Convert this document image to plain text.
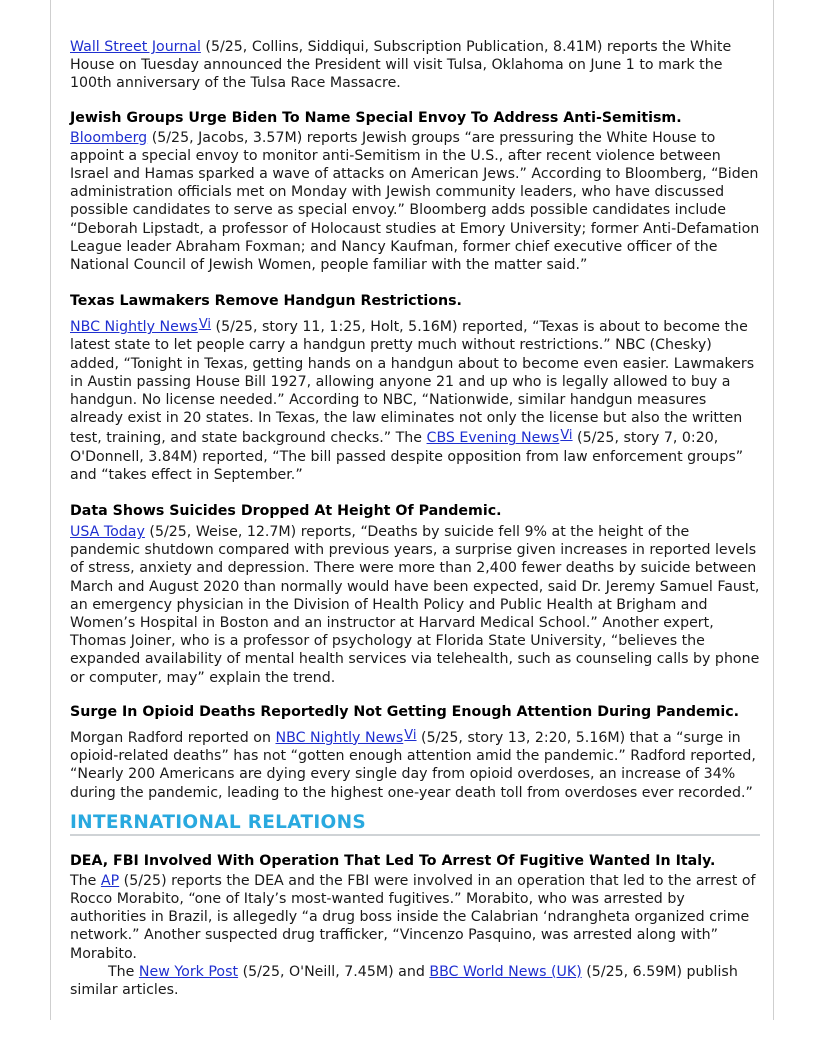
Wall Street Journal (5/25, Collins, Siddiqui, Subscription Publication, 8.41M) reports the White House on Tuesday announced the President will visit Tulsa, Oklahoma on June 1 to mark the 100th anniversary of the Tulsa Race Massacre.

Jewish Groups Urge Biden To Name Special Envoy To Address Anti-Semitism.

Bloomberg (5/25, Jacobs, 3.57M) reports Jewish groups “are pressuring the White House to appoint a special envoy to monitor anti-Semitism in the U.S., after recent violence between Israel and Hamas sparked a wave of attacks on American Jews.” According to Bloomberg, “Biden administration officials met on Monday with Jewish community leaders, who have discussed possible candidates to serve as special envoy.” Bloomberg adds possible candidates include “Deborah Lipstadt, a professor of Holocaust studies at Emory University; former Anti-Defamation League leader Abraham Foxman; and Nancy Kaufman, former chief executive officer of the National Council of Jewish Women, people familiar with the matter said.”

Texas Lawmakers Remove Handgun Restrictions.

NBC Nightly NewsVi (5/25, story 11, 1:25, Holt, 5.16M) reported, “Texas is about to become the latest state to let people carry a handgun pretty much without restrictions.” NBC (Chesky) added, “Tonight in Texas, getting hands on a handgun about to become even easier. Lawmakers in Austin passing House Bill 1927, allowing anyone 21 and up who is legally allowed to buy a handgun. No license needed.” According to NBC, “Nationwide, similar handgun measures already exist in 20 states. In Texas, the law eliminates not only the license but also the written test, training, and state background checks.” The CBS Evening NewsVi (5/25, story 7, 0:20, O'Donnell, 3.84M) reported, “The bill passed despite opposition from law enforcement groups” and “takes effect in September.”

Data Shows Suicides Dropped At Height Of Pandemic.

USA Today (5/25, Weise, 12.7M) reports, “Deaths by suicide fell 9% at the height of the pandemic shutdown compared with previous years, a surprise given increases in reported levels of stress, anxiety and depression. There were more than 2,400 fewer deaths by suicide between March and August 2020 than normally would have been expected, said Dr. Jeremy Samuel Faust, an emergency physician in the Division of Health Policy and Public Health at Brigham and Women’s Hospital in Boston and an instructor at Harvard Medical School.” Another expert, Thomas Joiner, who is a professor of psychology at Florida State University, “believes the expanded availability of mental health services via telehealth, such as counseling calls by phone or computer, may” explain the trend.

Surge In Opioid Deaths Reportedly Not Getting Enough Attention During Pandemic.

Morgan Radford reported on NBC Nightly NewsVi (5/25, story 13, 2:20, 5.16M) that a “surge in opioid-related deaths” has not “gotten enough attention amid the pandemic.” Radford reported, “Nearly 200 Americans are dying every single day from opioid overdoses, an increase of 34% during the pandemic, leading to the highest one-year death toll from overdoses ever recorded.”

INTERNATIONAL RELATIONS
DEA, FBI Involved With Operation That Led To Arrest Of Fugitive Wanted In Italy.

The AP (5/25) reports the DEA and the FBI were involved in an operation that led to the arrest of Rocco Morabito, “one of Italy’s most-wanted fugitives.” Morabito, who was arrested by authorities in Brazil, is allegedly “a drug boss inside the Calabrian ‘ndrangheta organized crime network.” Another suspected drug trafficker, “Vincenzo Pasquino, was arrested along with” Morabito.

The New York Post (5/25, O'Neill, 7.45M) and BBC World News (UK) (5/25, 6.59M) publish similar articles.
